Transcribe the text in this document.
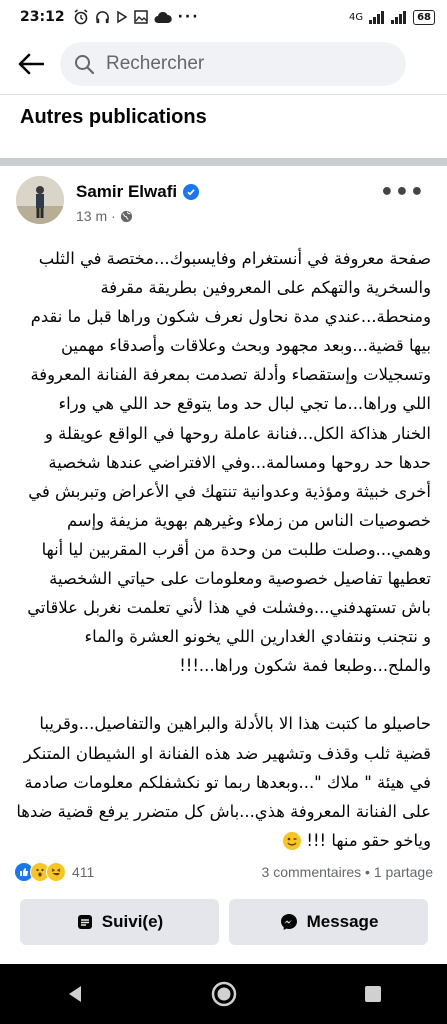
23:12	···	4G	68
Rechercher
Autres publications
Samir Elwafi
13 m ·
•••

صفحة معروفة في أنستغرام وفايسبوك...مختصة في الثلب والسخرية والتهكم على المعروفين بطريقة مقرفة ومنحطة...عندي مدة نحاول نعرف شكون وراها قبل ما نقدم بيها قضية...وبعد مجهود وبحث وعلاقات وأصدقاء مهمين وتسجيلات وإستقصاء وأدلة تصدمت بمعرفة الفنانة المعروفة اللي وراها...ما تجي لبال حد وما يتوقع حد اللي هي وراء الخنار هذاكة الكل...فنانة عاملة روحها في الواقع عويقلة و حدها حد روحها ومسالمة...وفي الافتراضي عندها شخصية أخرى خبيثة ومؤذية وعدوانية تنتهك في الأعراض وتبربش في خصوصيات الناس من زملاء وغيرهم بهوية مزيفة وإسم وهمي...وصلت طلبت من وحدة من أقرب المقربين ليا أنها تعطيها تفاصيل خصوصية ومعلومات على حياتي الشخصية باش تستهدفني...وفشلت في هذا لأني تعلمت نغربل علاقاتي و نتجنب ونتفادي الغدارين اللي يخونو العشرة والماء والملح...وطبعا فمة شكون وراها...!!!

حاصيلو ما كتبت هذا الا بالأدلة والبراهين والتفاصيل...وقريبا قضية ثلب وقذف وتشهير ضد هذه الفنانة او الشيطان المتنكر في هيئة " ملاك "...وبعدها ربما تو نكشفلكم معلومات صادمة على الفنانة المعروفة هذي...باش كل متضرر يرفع قضية ضدها وياخو حقو منها !!!

411	3 commentaires • 1 partage
Suivi(e)	Message
